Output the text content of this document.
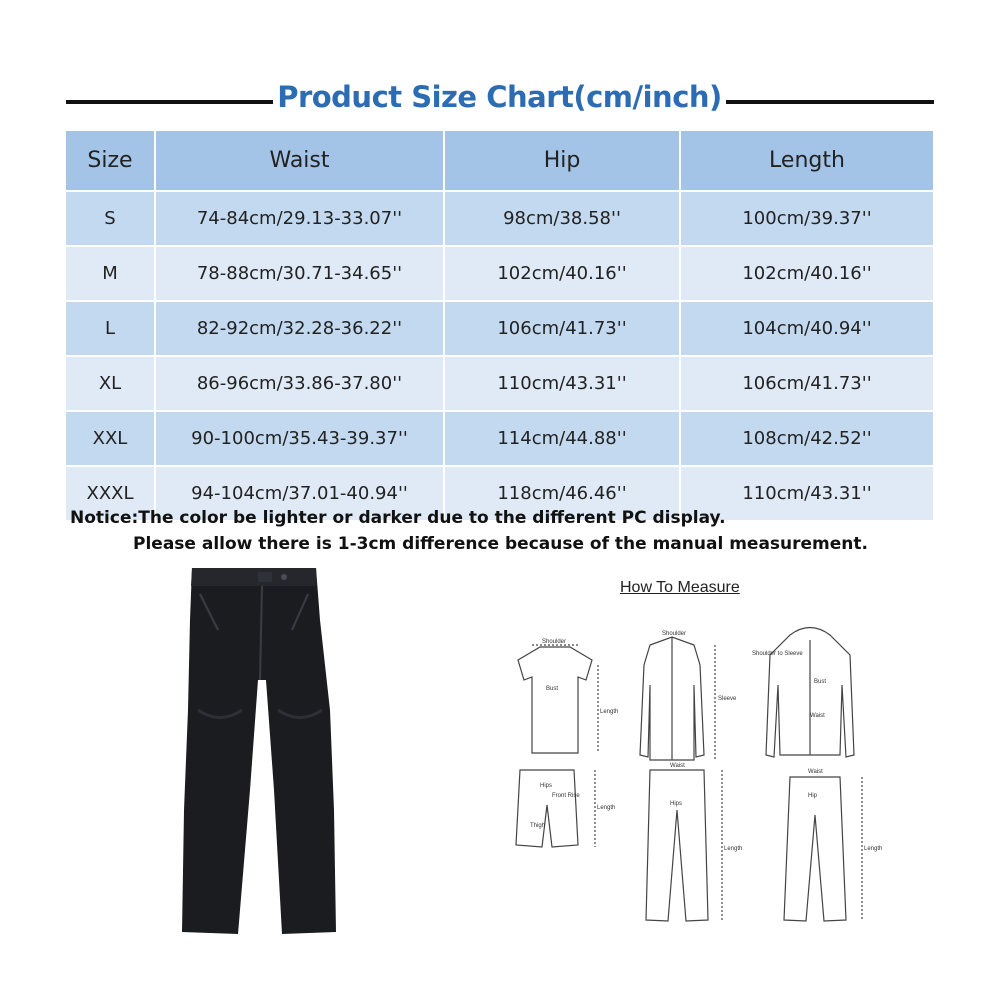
Product Size Chart(cm/inch)
Size	Waist	Hip	Length
S	74-84cm/29.13-33.07''	98cm/38.58''	100cm/39.37''
M	78-88cm/30.71-34.65''	102cm/40.16''	102cm/40.16''
L	82-92cm/32.28-36.22''	106cm/41.73''	104cm/40.94''
XL	86-96cm/33.86-37.80''	110cm/43.31''	106cm/41.73''
XXL	90-100cm/35.43-39.37''	114cm/44.88''	108cm/42.52''
XXXL	94-104cm/37.01-40.94''	118cm/46.46''	110cm/43.31''
Notice:The color be lighter or darker due to the different PC display.
Please allow there is 1-3cm difference because of the manual measurement.
Shoulder
Bust
Length
Shoulder
Sleeve
Shoulder to Sleeve
Bust
Waist
Hips
Front Rise
Thigh
Length
Waist
Hips
Length
Waist
Hip
Length
How To Measure
